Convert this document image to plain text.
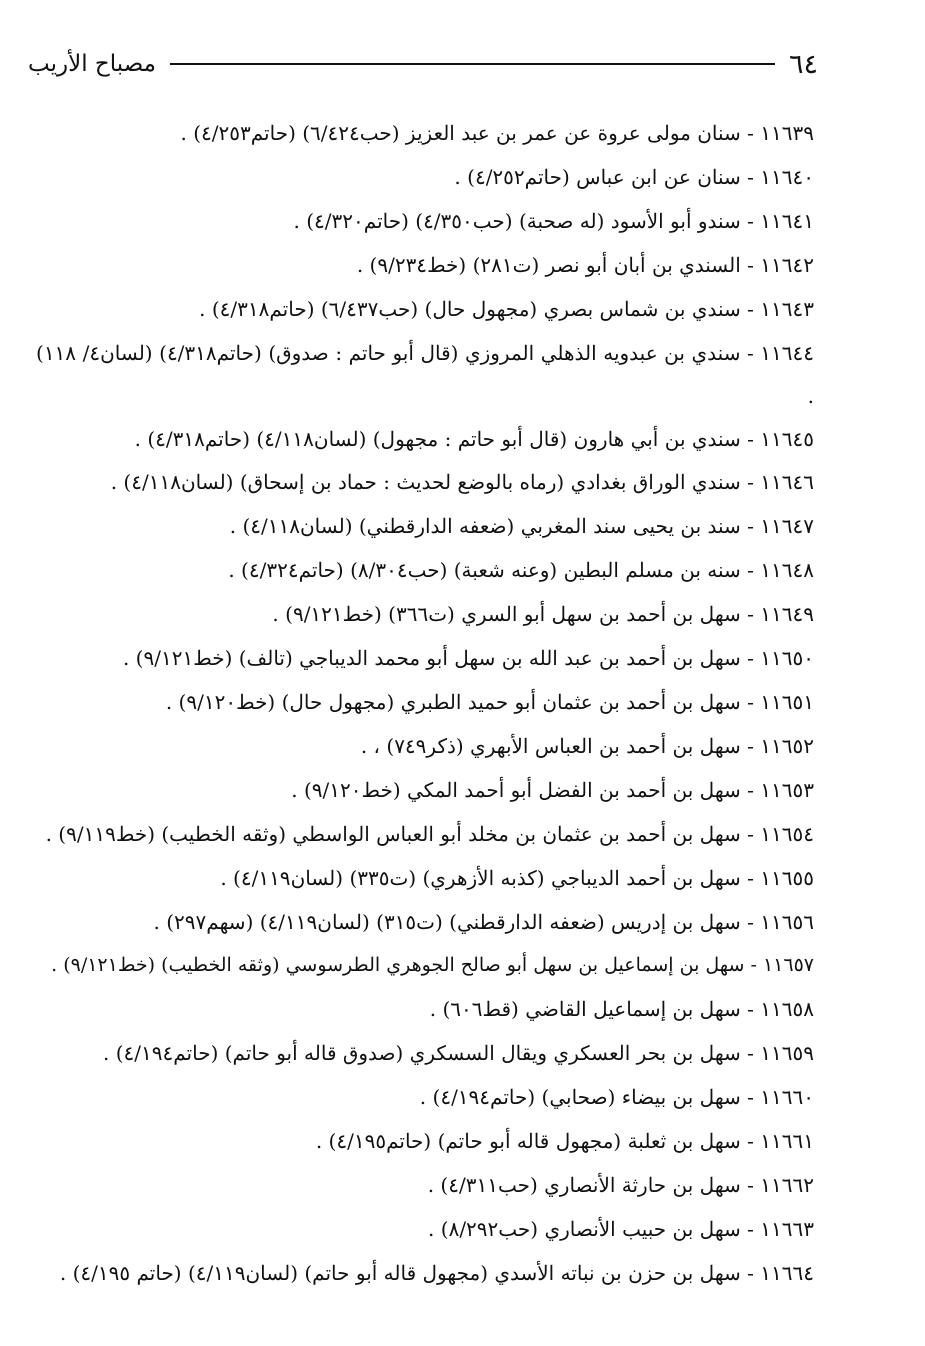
٦٤
مصباح الأريب
١١٦٣٩ - سنان مولى عروة عن عمر بن عبد العزيز (حب٦/٤٢٤) (حاتم٤/٢٥٣) .
١١٦٤٠ - سنان عن ابن عباس (حاتم٤/٢٥٢) .
١١٦٤١ - سندو أبو الأسود (له صحبة) (حب٤/٣٥٠) (حاتم٤/٣٢٠) .
١١٦٤٢ - السندي بن أبان أبو نصر (ت٢٨١) (خط٩/٢٣٤) .
١١٦٤٣ - سندي بن شماس بصري (مجهول حال) (حب٦/٤٣٧) (حاتم٤/٣١٨) .
١١٦٤٤ - سندي بن عبدويه الذهلي المروزي (قال أبو حاتم : صدوق) (حاتم٤/٣١٨) (لسان٤/ ١١٨) .
١١٦٤٥ - سندي بن أبي هارون (قال أبو حاتم : مجهول) (لسان٤/١١٨) (حاتم٤/٣١٨) .
١١٦٤٦ - سندي الوراق بغدادي (رماه بالوضع لحديث : حماد بن إسحاق) (لسان٤/١١٨) .
١١٦٤٧ - سند بن يحيى سند المغربي (ضعفه الدارقطني) (لسان٤/١١٨) .
١١٦٤٨ - سنه بن مسلم البطين (وعنه شعبة) (حب٨/٣٠٤) (حاتم٤/٣٢٤) .
١١٦٤٩ - سهل بن أحمد بن سهل أبو السري (ت٣٦٦) (خط٩/١٢١) .
١١٦٥٠ - سهل بن أحمد بن عبد الله بن سهل أبو محمد الديباجي (تالف) (خط٩/١٢١) .
١١٦٥١ - سهل بن أحمد بن عثمان أبو حميد الطبري (مجهول حال) (خط٩/١٢٠) .
١١٦٥٢ - سهل بن أحمد بن العباس الأبهري (ذكر٧٤٩) ، .
١١٦٥٣ - سهل بن أحمد بن الفضل أبو أحمد المكي (خط٩/١٢٠) .
١١٦٥٤ - سهل بن أحمد بن عثمان بن مخلد أبو العباس الواسطي (وثقه الخطيب) (خط٩/١١٩) .
١١٦٥٥ - سهل بن أحمد الديباجي (كذبه الأزهري) (ت٣٣٥) (لسان٤/١١٩) .
١١٦٥٦ - سهل بن إدريس (ضعفه الدارقطني) (ت٣١٥) (لسان٤/١١٩) (سهم٢٩٧) .
١١٦٥٧ - سهل بن إسماعيل بن سهل أبو صالح الجوهري الطرسوسي (وثقه الخطيب) (خط٩/١٢١) .
١١٦٥٨ - سهل بن إسماعيل القاضي (قط٦٠٦) .
١١٦٥٩ - سهل بن بحر العسكري ويقال السسكري (صدوق قاله أبو حاتم) (حاتم٤/١٩٤) .
١١٦٦٠ - سهل بن بيضاء (صحابي) (حاتم٤/١٩٤) .
١١٦٦١ - سهل بن ثعلبة (مجهول قاله أبو حاتم) (حاتم٤/١٩٥) .
١١٦٦٢ - سهل بن حارثة الأنصاري (حب٤/٣١١) .
١١٦٦٣ - سهل بن حبيب الأنصاري (حب٨/٢٩٢) .
١١٦٦٤ - سهل بن حزن بن نباته الأسدي (مجهول قاله أبو حاتم) (لسان٤/١١٩) (حاتم ٤/١٩٥) .
